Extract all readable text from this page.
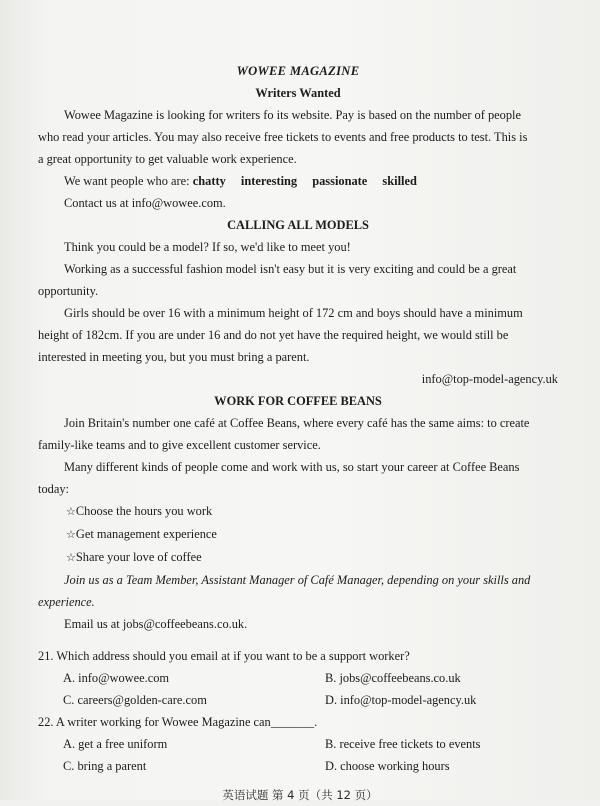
WOWEE MAGAZINE

Writers Wanted

Wowee Magazine is looking for writers fo its website. Pay is based on the number of people

who read your articles. You may also receive free tickets to events and free products to test. This is

a great opportunity to get valuable work experience.

We want people who are: chatty interesting passionate skilled

Contact us at info@wowee.com.

CALLING ALL MODELS

Think you could be a model? If so, we'd like to meet you!

Working as a successful fashion model isn't easy but it is very exciting and could be a great

opportunity.

Girls should be over 16 with a minimum height of 172 cm and boys should have a minimum

height of 182cm. If you are under 16 and do not yet have the required height, we would still be

interested in meeting you, but you must bring a parent.

info@top-model-agency.uk

WORK FOR COFFEE BEANS

Join Britain's number one café at Coffee Beans, where every café has the same aims: to create

family-like teams and to give excellent customer service.

Many different kinds of people come and work with us, so start your career at Coffee Beans

today:

☆Choose the hours you work

☆Get management experience

☆Share your love of coffee

Join us as a Team Member, Assistant Manager of Café Manager, depending on your skills and

experience.

Email us at jobs@coffeebeans.co.uk.

21. Which address should you email at if you want to be a support worker?

A. info@wowee.com	B. jobs@coffeebeans.co.uk
C. careers@golden-care.com	D. info@top-model-agency.uk

22. A writer working for Wowee Magazine can_______.

A. get a free uniform	B. receive free tickets to events
C. bring a parent	D. choose working hours
英语试题 第 4 页（共 12 页）
